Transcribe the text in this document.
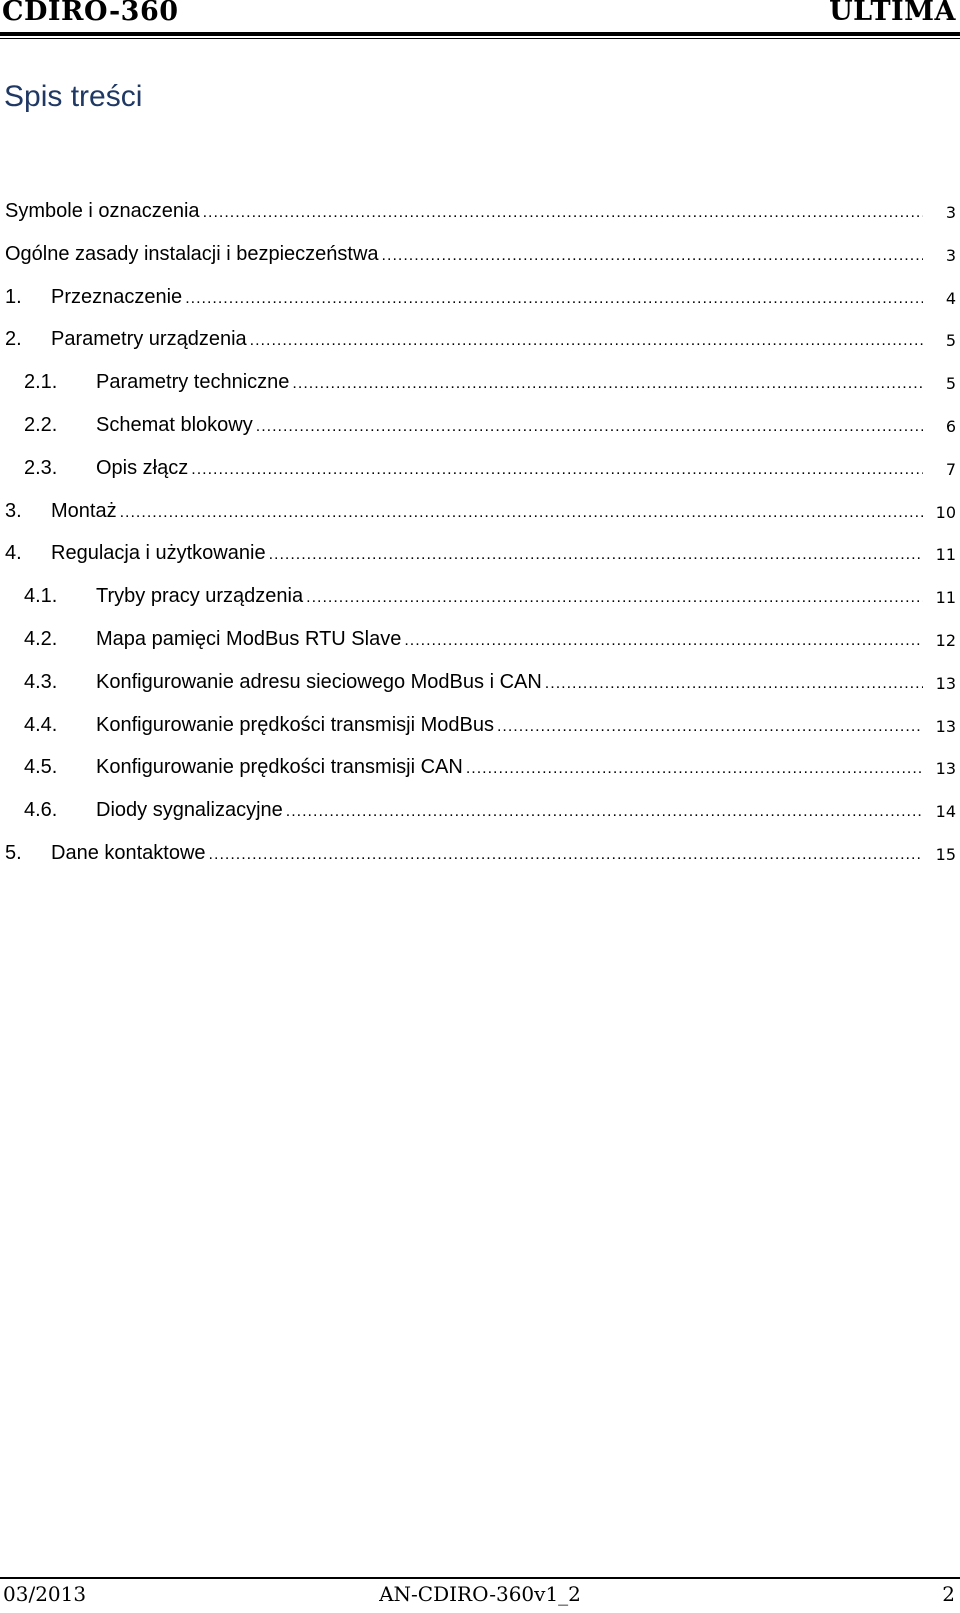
CDIRO-360	ULTIMA
Spis treści
Symbole i oznaczenia .....	3
Ogólne zasady instalacji i bezpieczeństwa .....	3
1.	Przeznaczenie .....	4
2.	Parametry urządzenia .....	5
2.1.	Parametry techniczne .....	5
2.2.	Schemat blokowy .....	6
2.3.	Opis złącz .....	7
3.	Montaż .....	10
4.	Regulacja i użytkowanie .....	11
4.1.	Tryby pracy urządzenia .....	11
4.2.	Mapa pamięci ModBus RTU Slave .....	12
4.3.	Konfigurowanie adresu sieciowego ModBus i CAN .....	13
4.4.	Konfigurowanie prędkości transmisji ModBus .....	13
4.5.	Konfigurowanie prędkości transmisji CAN .....	13
4.6.	Diody sygnalizacyjne .....	14
5.	Dane kontaktowe .....	15
AN-CDIRO-360v1_2
03/2013	2
